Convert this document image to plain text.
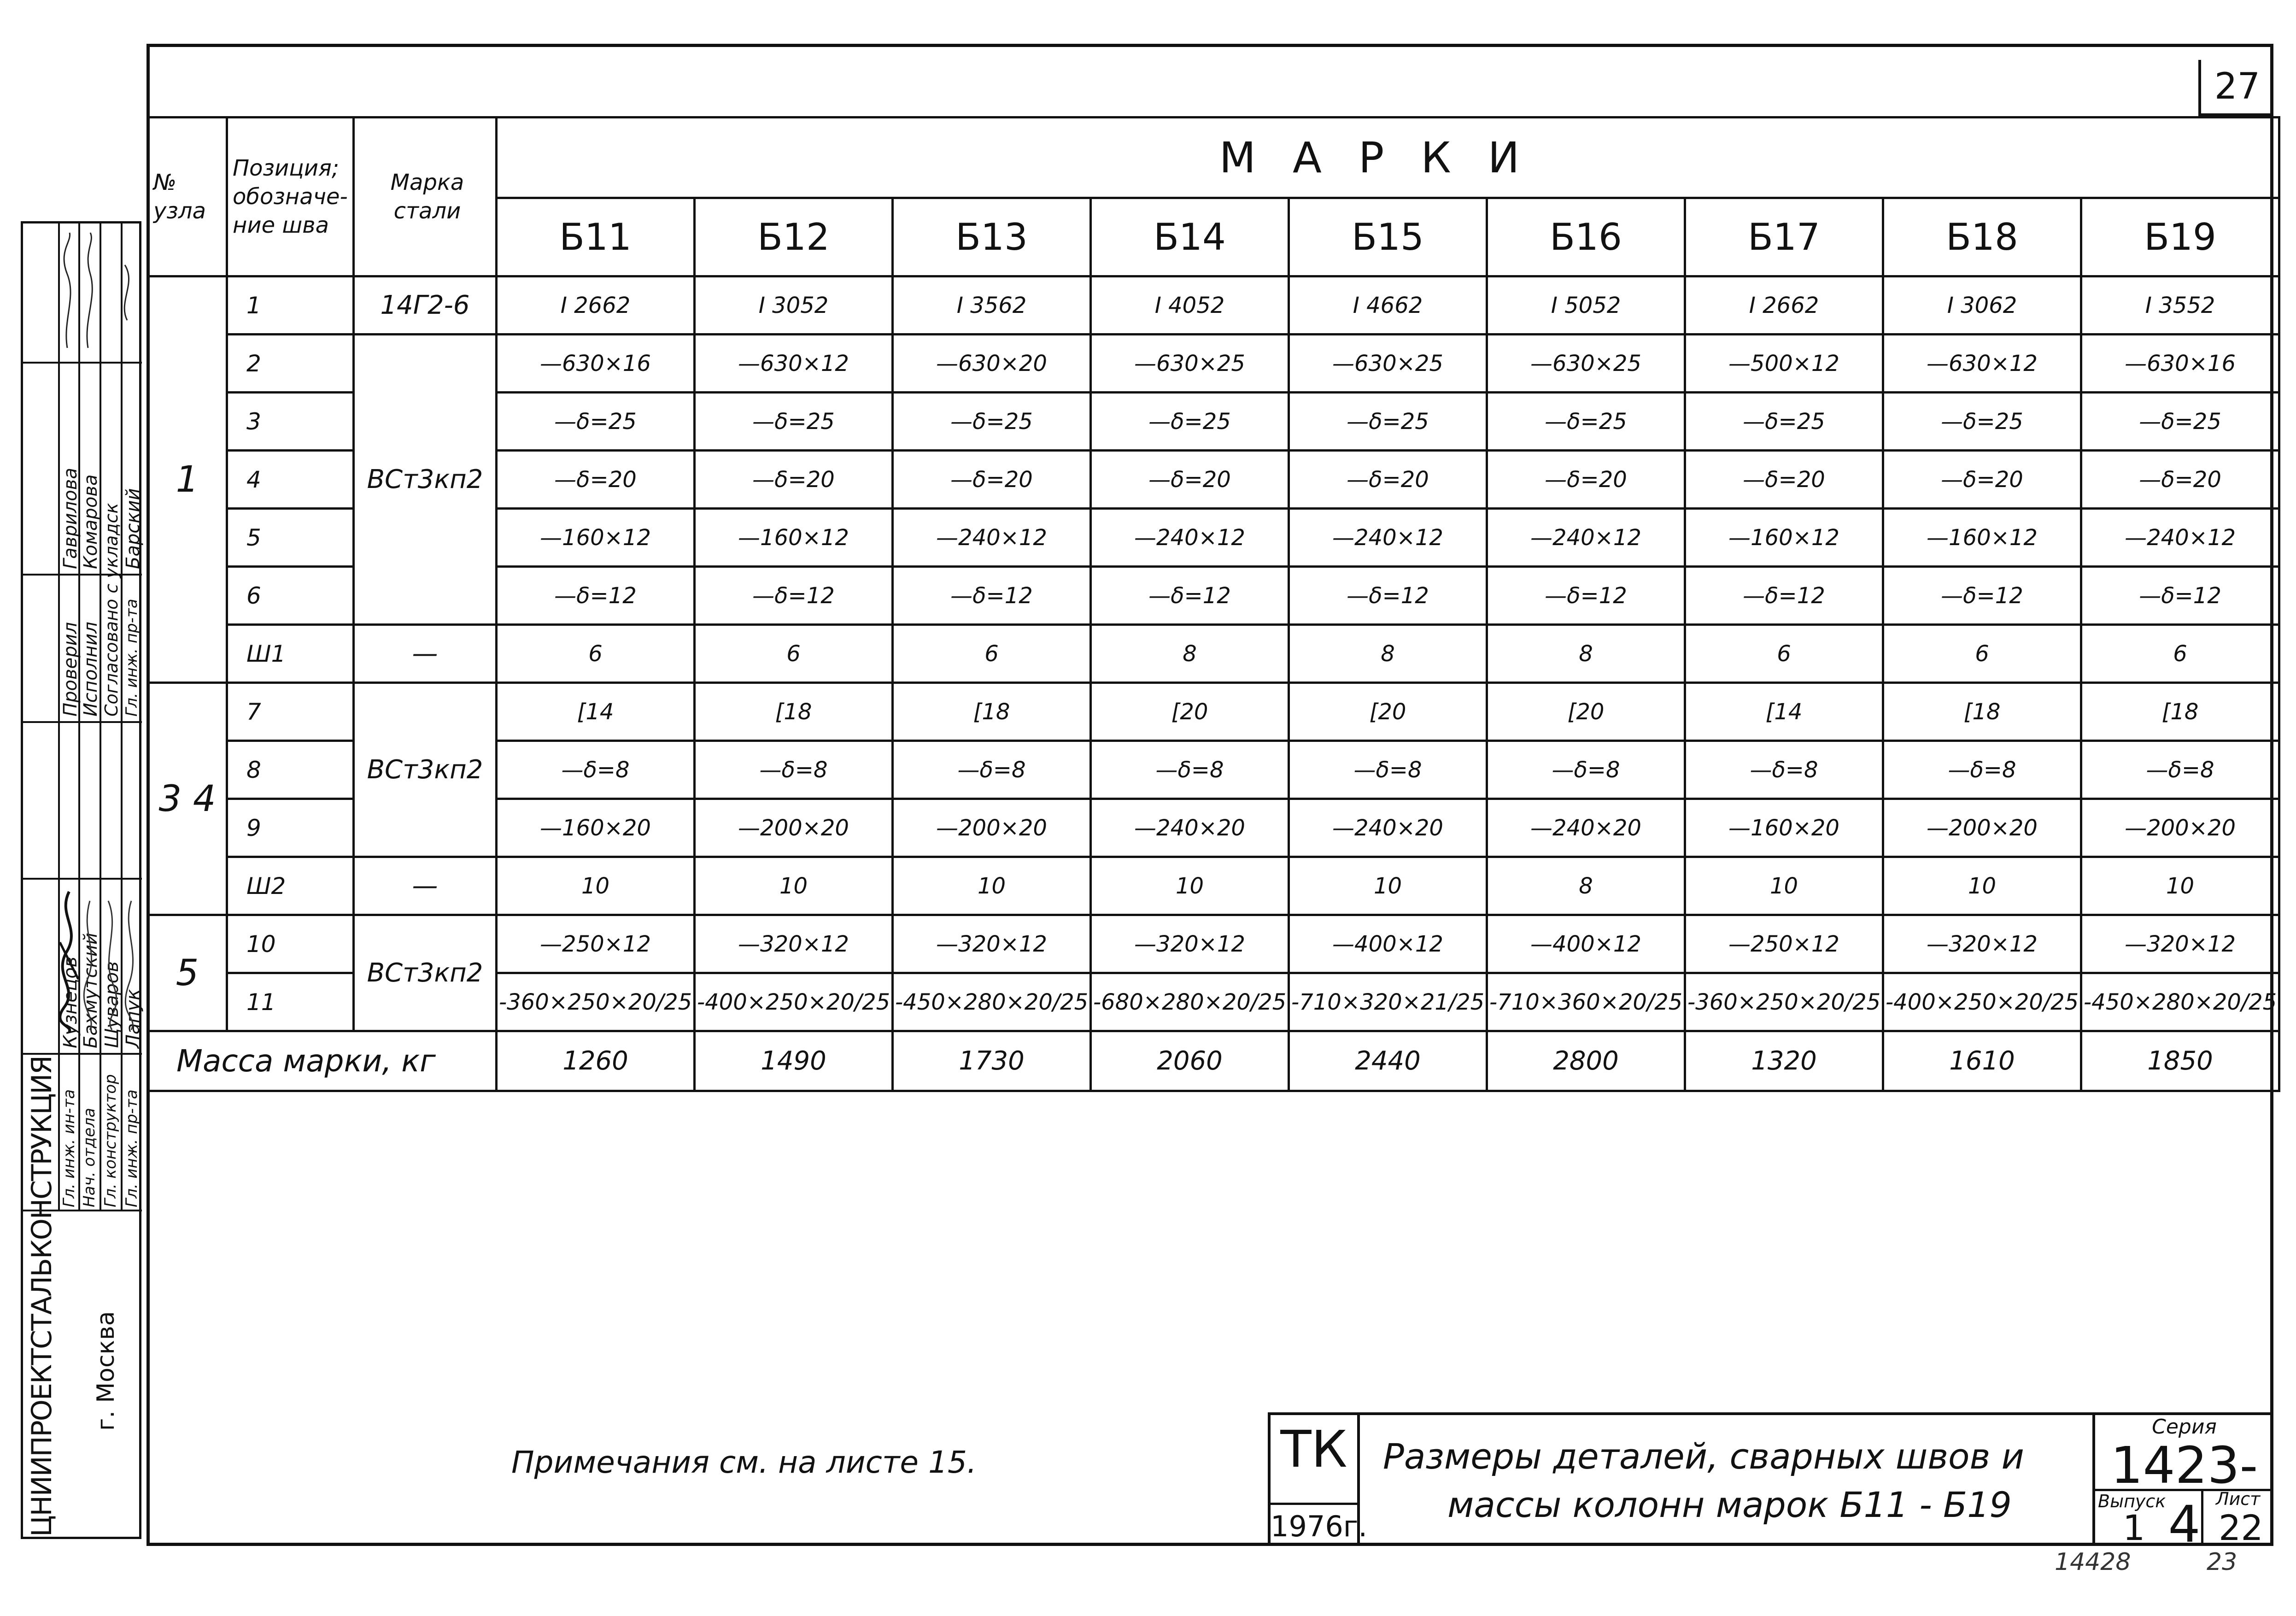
27
№ узла	Позиция; обозначе- ние шва	Марка стали	МАРКИ								
			Б11	Б12	Б13	Б14	Б15	Б16	Б17	Б18	Б19
1	1	14Г2-6	I 2662	I 3052	I 3562	I 4052	I 4662	I 5052	I 2662	I 3062	I 3552
	2	ВСт3кп2	—630×16	—630×12	—630×20	—630×25	—630×25	—630×25	—500×12	—630×12	—630×16
	3		—δ=25	—δ=25	—δ=25	—δ=25	—δ=25	—δ=25	—δ=25	—δ=25	—δ=25
	4		—δ=20	—δ=20	—δ=20	—δ=20	—δ=20	—δ=20	—δ=20	—δ=20	—δ=20
	5		—160×12	—160×12	—240×12	—240×12	—240×12	—240×12	—160×12	—160×12	—240×12
	6		—δ=12	—δ=12	—δ=12	—δ=12	—δ=12	—δ=12	—δ=12	—δ=12	—δ=12
	Ш1	—	6	6	6	8	8	8	6	6	6
3 4	7	ВСт3кп2	[14	[18	[18	[20	[20	[20	[14	[18	[18
	8		—δ=8	—δ=8	—δ=8	—δ=8	—δ=8	—δ=8	—δ=8	—δ=8	—δ=8
	9		—160×20	—200×20	—200×20	—240×20	—240×20	—240×20	—160×20	—200×20	—200×20
	Ш2	—	10	10	10	10	10	8	10	10	10
5	10	ВСт3кп2	—250×12	—320×12	—320×12	—320×12	—400×12	—400×12	—250×12	—320×12	—320×12
	11		-360×250×20/25	-400×250×20/25	-450×280×20/25	-680×280×20/25	-710×320×21/25	-710×360×20/25	-360×250×20/25	-400×250×20/25	-450×280×20/25
Масса марки, кг			1260	1490	1730	2060	2440	2800	1320	1610	1850
ЦНИИПРОЕКТСТАЛЬКОНСТРУКЦИЯ г. Москва
Гл. инж. ин-та Нач. отдела Гл. конструктор Гл. инж. пр-та
Кузнецов
Бахмутский Щуваров Лапук
Проверил
Исполнил Согласовано с укладск Гл. инж. пр-та
Гаврилова
Комарова Барский
Примечания см. на листе 15.	ТК
1976г.
Размеры деталей, сварных швов и
массы колонн марок Б11 - Б19
Серия
1423-4
Выпуск
1
Лист
22
14428	23
